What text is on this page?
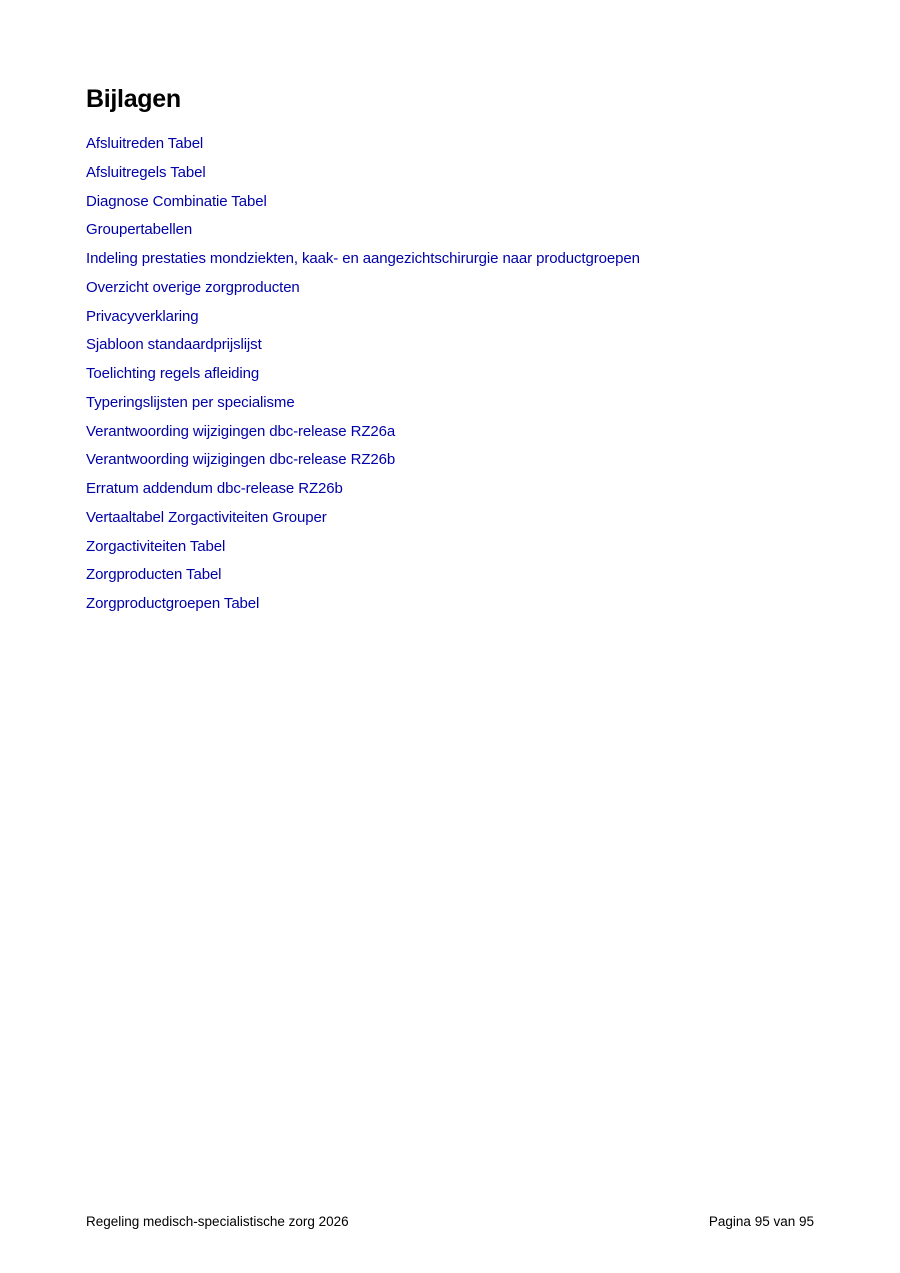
Bijlagen
Afsluitreden Tabel
Afsluitregels Tabel
Diagnose Combinatie Tabel
Groupertabellen
Indeling prestaties mondziekten, kaak- en aangezichtschirurgie naar productgroepen
Overzicht overige zorgproducten
Privacyverklaring
Sjabloon standaardprijslijst
Toelichting regels afleiding
Typeringslijsten per specialisme
Verantwoording wijzigingen dbc-release RZ26a
Verantwoording wijzigingen dbc-release RZ26b
Erratum addendum dbc-release RZ26b
Vertaaltabel Zorgactiviteiten Grouper
Zorgactiviteiten Tabel
Zorgproducten Tabel
Zorgproductgroepen Tabel
Regeling medisch-specialistische zorg 2026	Pagina 95 van 95
